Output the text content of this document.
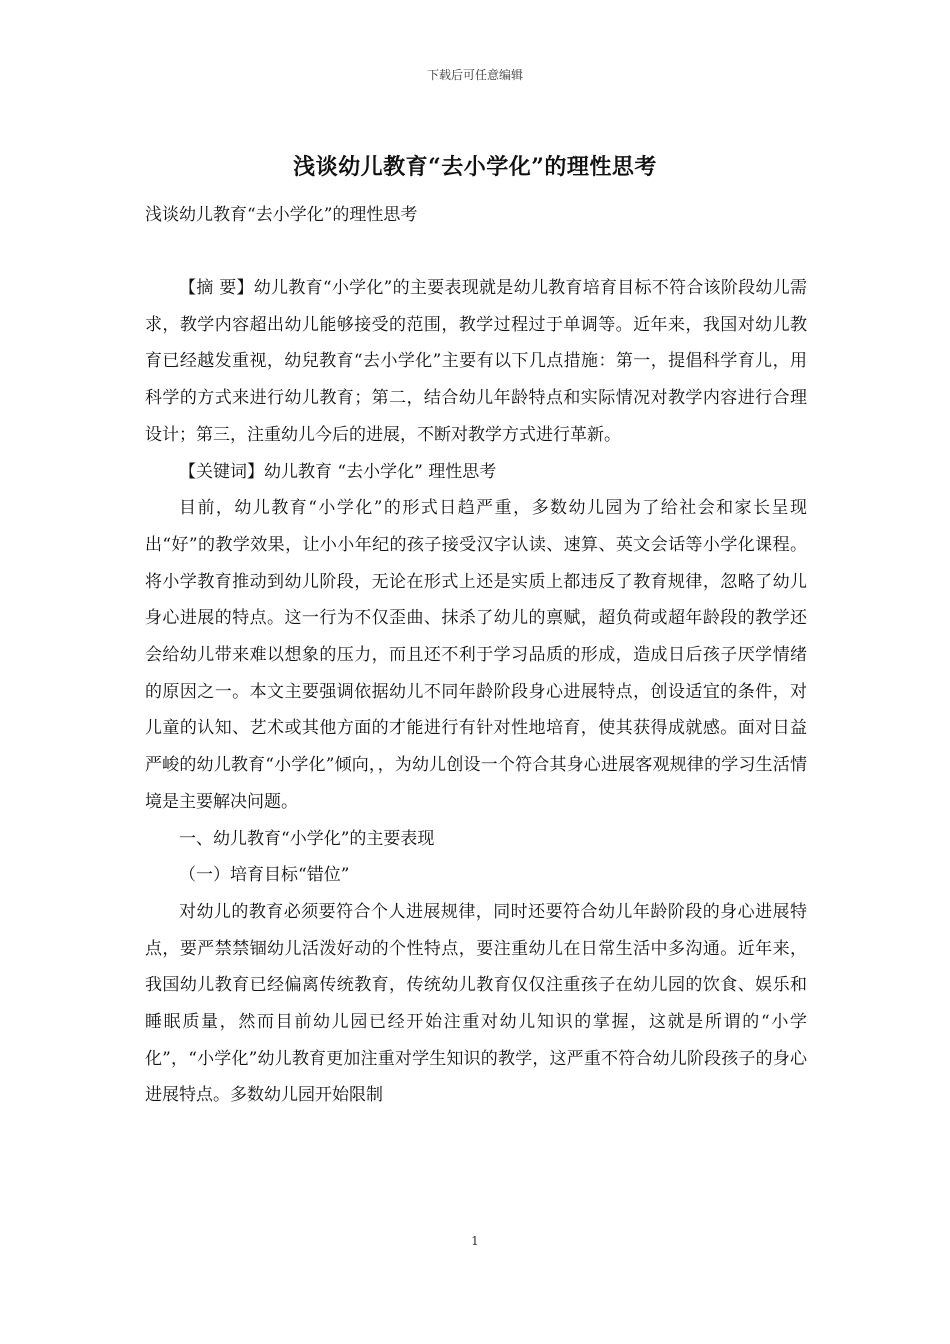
下载后可任意编辑
浅谈幼儿教育“去小学化”的理性思考
浅谈幼儿教育“去小学化”的理性思考

【摘 要】幼儿教育“小学化”的主要表现就是幼儿教育培育目标不符合该阶段幼儿需求，教学内容超出幼儿能够接受的范围，教学过程过于单调等。近年来，我国对幼儿教育已经越发重视，幼兒教育“去小学化”主要有以下几点措施：第一，提倡科学育儿，用科学的方式来进行幼儿教育；第二，结合幼儿年龄特点和实际情况对教学内容进行合理设计；第三，注重幼儿今后的进展，不断对教学方式进行革新。

【关键词】幼儿教育 “去小学化” 理性思考

目前，幼儿教育“小学化”的形式日趋严重，多数幼儿园为了给社会和家长呈现出“好”的教学效果，让小小年纪的孩子接受汉字认读、速算、英文会话等小学化课程。将小学教育推动到幼儿阶段，无论在形式上还是实质上都违反了教育规律，忽略了幼儿身心进展的特点。这一行为不仅歪曲、抹杀了幼儿的禀赋，超负荷或超年龄段的教学还会给幼儿带来难以想象的压力，而且还不利于学习品质的形成，造成日后孩子厌学情绪的原因之一。本文主要强调依据幼儿不同年龄阶段身心进展特点，创设适宜的条件，对儿童的认知、艺术或其他方面的才能进行有针对性地培育，使其获得成就感。面对日益严峻的幼儿教育“小学化”倾向，，为幼儿创设一个符合其身心进展客观规律的学习生活情境是主要解决问题。

一、幼儿教育“小学化”的主要表现

（一）培育目标“错位”

对幼儿的教育必须要符合个人进展规律，同时还要符合幼儿年龄阶段的身心进展特点，要严禁禁锢幼儿活泼好动的个性特点，要注重幼儿在日常生活中多沟通。近年来，我国幼儿教育已经偏离传统教育，传统幼儿教育仅仅注重孩子在幼儿园的饮食、娱乐和睡眠质量，然而目前幼儿园已经开始注重对幼儿知识的掌握，这就是所谓的“小学化”，“小学化”幼儿教育更加注重对学生知识的教学，这严重不符合幼儿阶段孩子的身心进展特点。多数幼儿园开始限制

1
